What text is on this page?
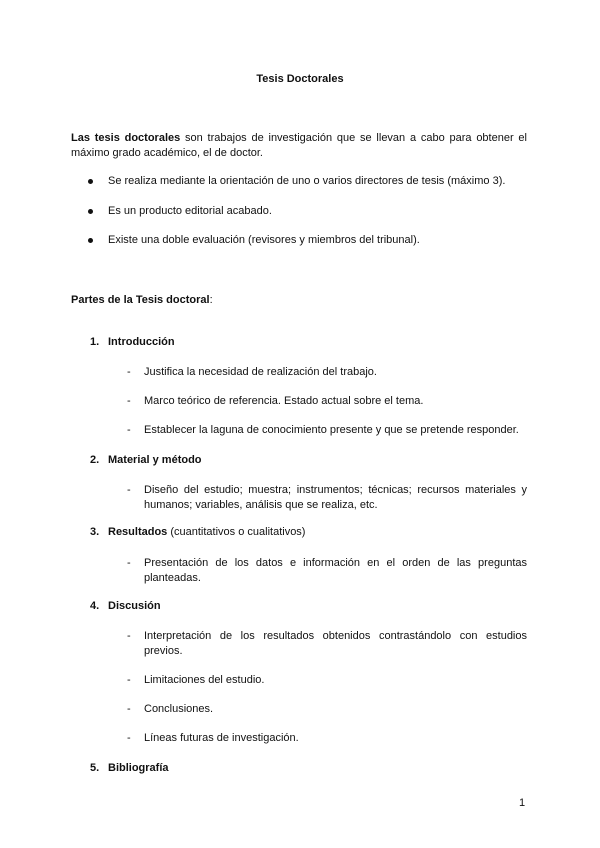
Tesis Doctorales
Las tesis doctorales son trabajos de investigación que se llevan a cabo para obtener el máximo grado académico, el de doctor.
Se realiza mediante la orientación de uno o varios directores de tesis (máximo 3).
Es un producto editorial acabado.
Existe una doble evaluación (revisores y miembros del tribunal).
Partes de la Tesis doctoral:
1. Introducción
- Justifica la necesidad de realización del trabajo.
- Marco teórico de referencia. Estado actual sobre el tema.
- Establecer la laguna de conocimiento presente y que se pretende responder.
2. Material y método
- Diseño del estudio; muestra; instrumentos; técnicas; recursos materiales y humanos; variables, análisis que se realiza, etc.
3. Resultados (cuantitativos o cualitativos)
- Presentación de los datos e información en el orden de las preguntas planteadas.
4. Discusión
- Interpretación de los resultados obtenidos contrastándolo con estudios previos.
- Limitaciones del estudio.
- Conclusiones.
- Líneas futuras de investigación.
5. Bibliografía
1
